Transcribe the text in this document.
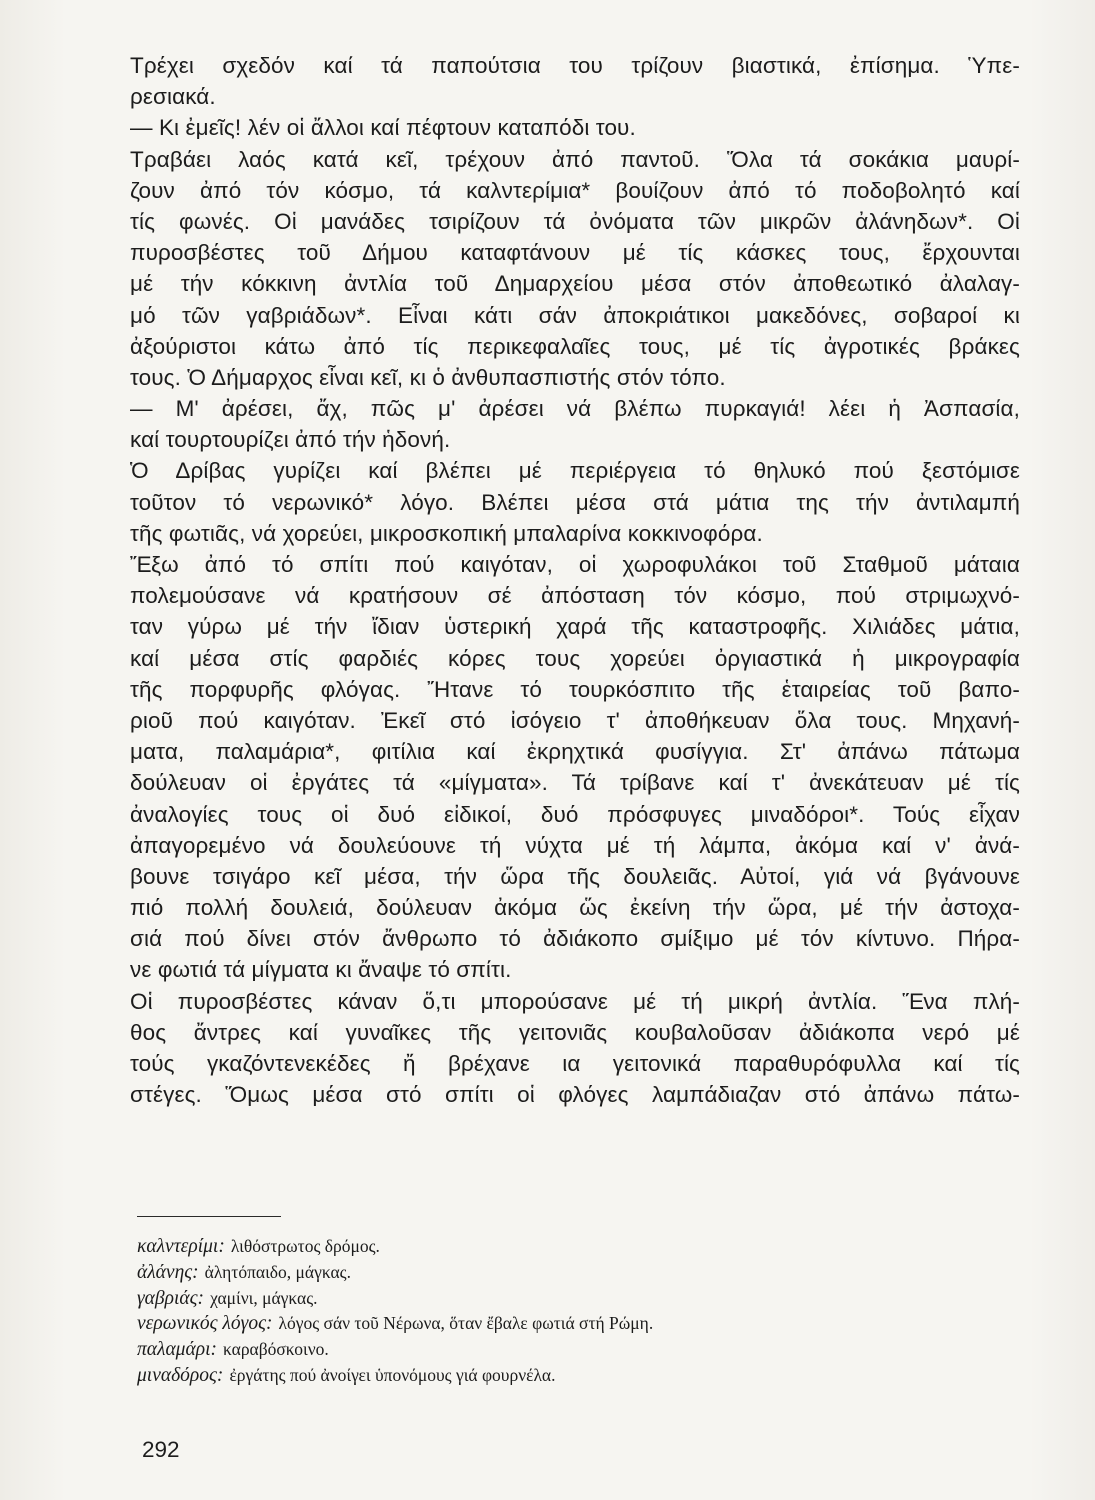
Τρέχει σχεδόν καί τά παπούτσια του τρίζουν βιαστικά, ἐπίσημα. Ὑπε-
ρεσιακά.
— Κι ἐμεῖς! λέν οἱ ἄλλοι καί πέφτουν καταπόδι του.
Τραβάει λαός κατά κεῖ, τρέχουν ἀπό παντοῦ. Ὅλα τά σοκάκια μαυρί-
ζουν ἀπό τόν κόσμο, τά καλντερίμια* βουίζουν ἀπό τό ποδοβολητό καί
τίς φωνές. Οἱ μανάδες τσιρίζουν τά ὀνόματα τῶν μικρῶν ἀλάνηδων*. Οἱ
πυροσβέστες τοῦ Δήμου καταφτάνουν μέ τίς κάσκες τους, ἔρχουνται
μέ τήν κόκκινη ἀντλία τοῦ Δημαρχείου μέσα στόν ἀποθεωτικό ἀλαλαγ-
μό τῶν γαβριάδων*. Εἶναι κάτι σάν ἀποκριάτικοι μακεδόνες, σοβαροί κι
ἀξούριστοι κάτω ἀπό τίς περικεφαλαῖες τους, μέ τίς ἀγροτικές βράκες
τους. Ὁ Δήμαρχος εἶναι κεῖ, κι ὁ ἀνθυπασπιστής στόν τόπο.
— Μ' ἀρέσει, ἄχ, πῶς μ' ἀρέσει νά βλέπω πυρκαγιά! λέει ἡ Ἀσπασία,
καί τουρτουρίζει ἀπό τήν ἡδονή.
Ὁ Δρίβας γυρίζει καί βλέπει μέ περιέργεια τό θηλυκό πού ξεστόμισε
τοῦτον τό νερωνικό* λόγο. Βλέπει μέσα στά μάτια της τήν ἀντιλαμπή
τῆς φωτιᾶς, νά χορεύει, μικροσκοπική μπαλαρίνα κοκκινοφόρα.
Ἔξω ἀπό τό σπίτι πού καιγόταν, οἱ χωροφυλάκοι τοῦ Σταθμοῦ μάταια
πολεμούσανε νά κρατήσουν σέ ἀπόσταση τόν κόσμο, πού στριμωχνό-
ταν γύρω μέ τήν ἴδιαν ὑστερική χαρά τῆς καταστροφῆς. Χιλιάδες μάτια,
καί μέσα στίς φαρδιές κόρες τους χορεύει ὀργιαστικά ἡ μικρογραφία
τῆς πορφυρῆς φλόγας. Ἤτανε τό τουρκόσπιτο τῆς ἑταιρείας τοῦ βαπο-
ριοῦ πού καιγόταν. Ἐκεῖ στό ἰσόγειο τ' ἀποθήκευαν ὅλα τους. Μηχανή-
ματα, παλαμάρια*, φιτίλια καί ἐκρηχτικά φυσίγγια. Στ' ἀπάνω πάτωμα
δούλευαν οἱ ἐργάτες τά «μίγματα». Τά τρίβανε καί τ' ἀνεκάτευαν μέ τίς
ἀναλογίες τους οἱ δυό εἰδικοί, δυό πρόσφυγες μιναδόροι*. Τούς εἶχαν
ἀπαγορεμένο νά δουλεύουνε τή νύχτα μέ τή λάμπα, ἀκόμα καί ν' ἀνά-
βουνε τσιγάρο κεῖ μέσα, τήν ὥρα τῆς δουλειᾶς. Αὐτοί, γιά νά βγάνουνε
πιό πολλή δουλειά, δούλευαν ἀκόμα ὥς ἐκείνη τήν ὥρα, μέ τήν ἀστοχα-
σιά πού δίνει στόν ἄνθρωπο τό ἀδιάκοπο σμίξιμο μέ τόν κίντυνο. Πήρα-
νε φωτιά τά μίγματα κι ἄναψε τό σπίτι.
Οἱ πυροσβέστες κάναν ὅ,τι μπορούσανε μέ τή μικρή ἀντλία. Ἕνα πλή-
θος ἄντρες καί γυναῖκες τῆς γειτονιᾶς κουβαλοῦσαν ἀδιάκοπα νερό μέ
τούς γκαζόντενεκέδες ἤ βρέχανε ια γειτονικά παραθυρόφυλλα καί τίς
στέγες. Ὅμως μέσα στό σπίτι οἱ φλόγες λαμπάδιαζαν στό ἀπάνω πάτω-
καλντερίμι: λιθόστρωτος δρόμος.
ἀλάνης: ἀλητόπαιδο, μάγκας.
γαβριάς: χαμίνι, μάγκας.
νερωνικός λόγος: λόγος σάν τοῦ Νέρωνα, ὅταν ἔβαλε φωτιά στή Ρώμη.
παλαμάρι: καραβόσκοινο.
μιναδόρος: ἐργάτης πού ἀνοίγει ὑπονόμους γιά φουρνέλα.
292
